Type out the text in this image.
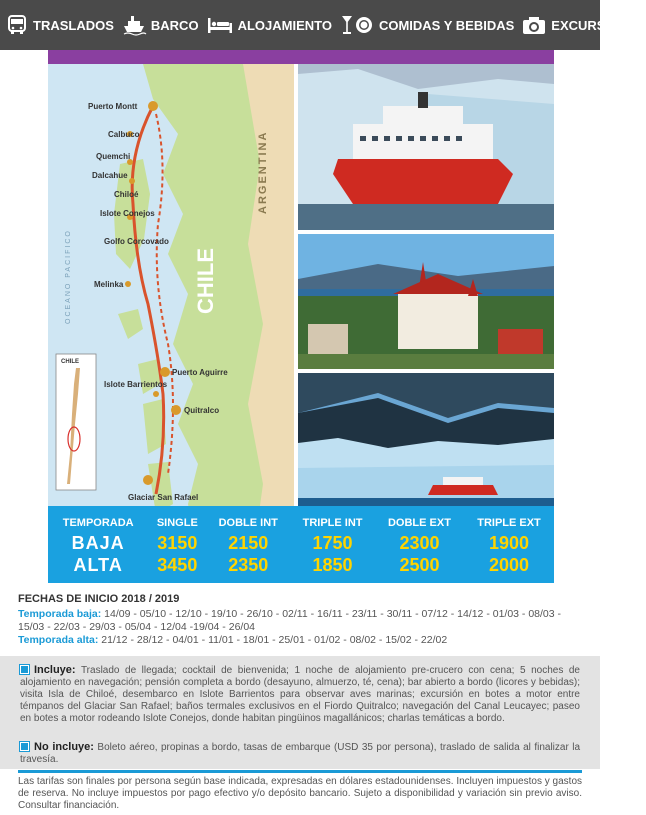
TRASLADOS	BARCO	ALOJAMIENTO	COMIDAS Y BEBIDAS	EXCURSIONES
Puerto Montt
Calbuco
Quemchi
Dalcahue
Chiloé
Islote Conejos
Golfo Corcovado
Melinka
Puerto Aguirre
Islote Barrientos
Quitralco
Glaciar San Rafael
CHILE
ARGENTINA
OCEANO PACIFICO
CHILE
TEMPORADA	SINGLE	DOBLE INT	TRIPLE INT	DOBLE EXT	TRIPLE EXT
BAJA	3150	2150	1750	2300	1900
ALTA	3450	2350	1850	2500	2000
FECHAS DE INICIO 2018 / 2019
Temporada baja: 14/09 - 05/10 - 12/10 - 19/10 - 26/10 - 02/11 - 16/11 - 23/11 - 30/11 - 07/12 - 14/12 - 01/03 - 08/03 - 15/03 - 22/03 - 29/03 - 05/04 - 12/04 -19/04 - 26/04
Temporada alta: 21/12 - 28/12 - 04/01 - 11/01 - 18/01 - 25/01 - 01/02 - 08/02 - 15/02 - 22/02
Incluye: Traslado de llegada; cocktail de bienvenida; 1 noche de alojamiento pre-crucero con cena; 5 noches de alojamiento en navegación; pensión completa a bordo (desayuno, almuerzo, té, cena); bar abierto a bordo (licores y bebidas); visita Isla de Chiloé, desembarco en Islote Barrientos para observar aves marinas; excursión en botes a motor entre témpanos del Glaciar San Rafael; baños termales exclusivos en el Fiordo Quitralco; navegación del Canal Leucayec; paseo en botes a motor rodeando Islote Conejos, donde habitan pingüinos magallánicos; charlas temáticas a bordo.
No incluye: Boleto aéreo, propinas a bordo, tasas de embarque (USD 35 por persona), traslado de salida al finalizar la travesía.
Las tarifas son finales por persona según base indicada, expresadas en dólares estadounidenses. Incluyen impuestos y gastos de reserva. No incluye impuestos por pago efectivo y/o depósito bancario. Sujeto a disponibilidad y variación sin previo aviso. Consultar financiación.
